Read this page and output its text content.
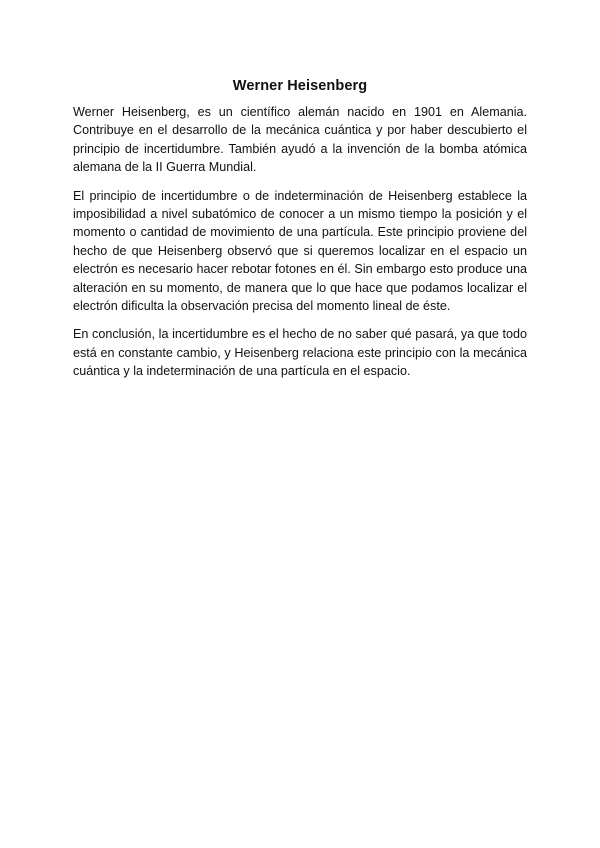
Werner Heisenberg

Werner Heisenberg, es un científico alemán nacido en 1901 en Alemania. Contribuye en el desarrollo de la mecánica cuántica y por haber descubierto el principio de incertidumbre. También ayudó a la invención de la bomba atómica alemana de la II Guerra Mundial.

El principio de incertidumbre o de indeterminación de Heisenberg establece la imposibilidad a nivel subatómico de conocer a un mismo tiempo la posición y el momento o cantidad de movimiento de una partícula. Este principio proviene del hecho de que Heisenberg observó que si queremos localizar en el espacio un electrón es necesario hacer rebotar fotones en él. Sin embargo esto produce una alteración en su momento, de manera que lo que hace que podamos localizar el electrón dificulta la observación precisa del momento lineal de éste.

En conclusión, la incertidumbre es el hecho de no saber qué pasará, ya que todo está en constante cambio, y Heisenberg relaciona este principio con la mecánica cuántica y la indeterminación de una partícula en el espacio.
